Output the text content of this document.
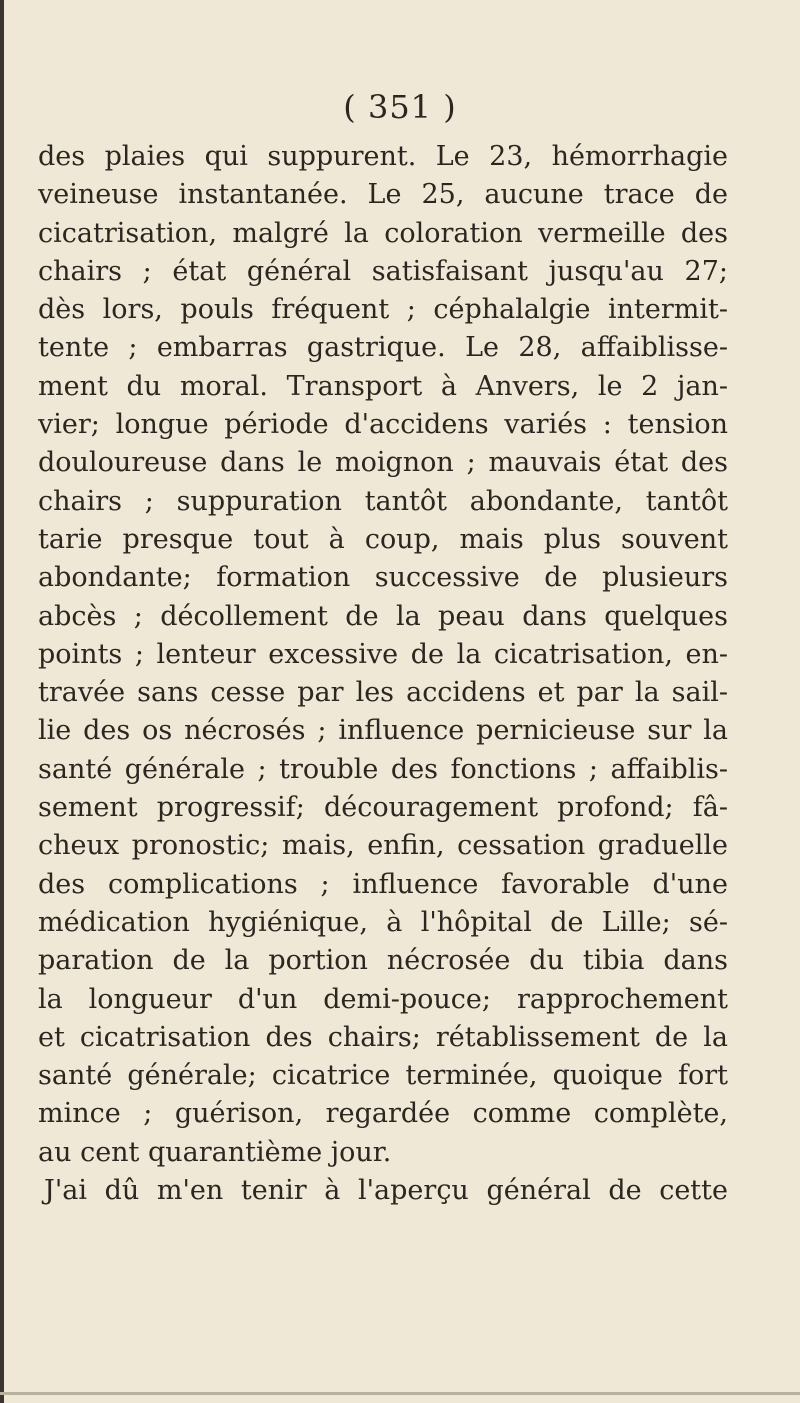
( 351 )
des plaies qui suppurent. Le 23, hémorrhagie
veineuse instantanée. Le 25, aucune trace de
cicatrisation, malgré la coloration vermeille des
chairs ; état général satisfaisant jusqu'au 27;
dès lors, pouls fréquent ; céphalalgie intermit-
tente ; embarras gastrique. Le 28, affaiblisse-
ment du moral. Transport à Anvers, le 2 jan-
vier; longue période d'accidens variés : tension
douloureuse dans le moignon ; mauvais état des
chairs ; suppuration tantôt abondante, tantôt
tarie presque tout à coup, mais plus souvent
abondante; formation successive de plusieurs
abcès ; décollement de la peau dans quelques
points ; lenteur excessive de la cicatrisation, en-
travée sans cesse par les accidens et par la sail-
lie des os nécrosés ; influence pernicieuse sur la
santé générale ; trouble des fonctions ; affaiblis-
sement progressif; découragement profond; fâ-
cheux pronostic; mais, enfin, cessation graduelle
des complications ; influence favorable d'une
médication hygiénique, à l'hôpital de Lille; sé-
paration de la portion nécrosée du tibia dans
la longueur d'un demi-pouce; rapprochement
et cicatrisation des chairs; rétablissement de la
santé générale; cicatrice terminée, quoique fort
mince ; guérison, regardée comme complète,
au cent quarantième jour.
J'ai dû m'en tenir à l'aperçu général de cette
